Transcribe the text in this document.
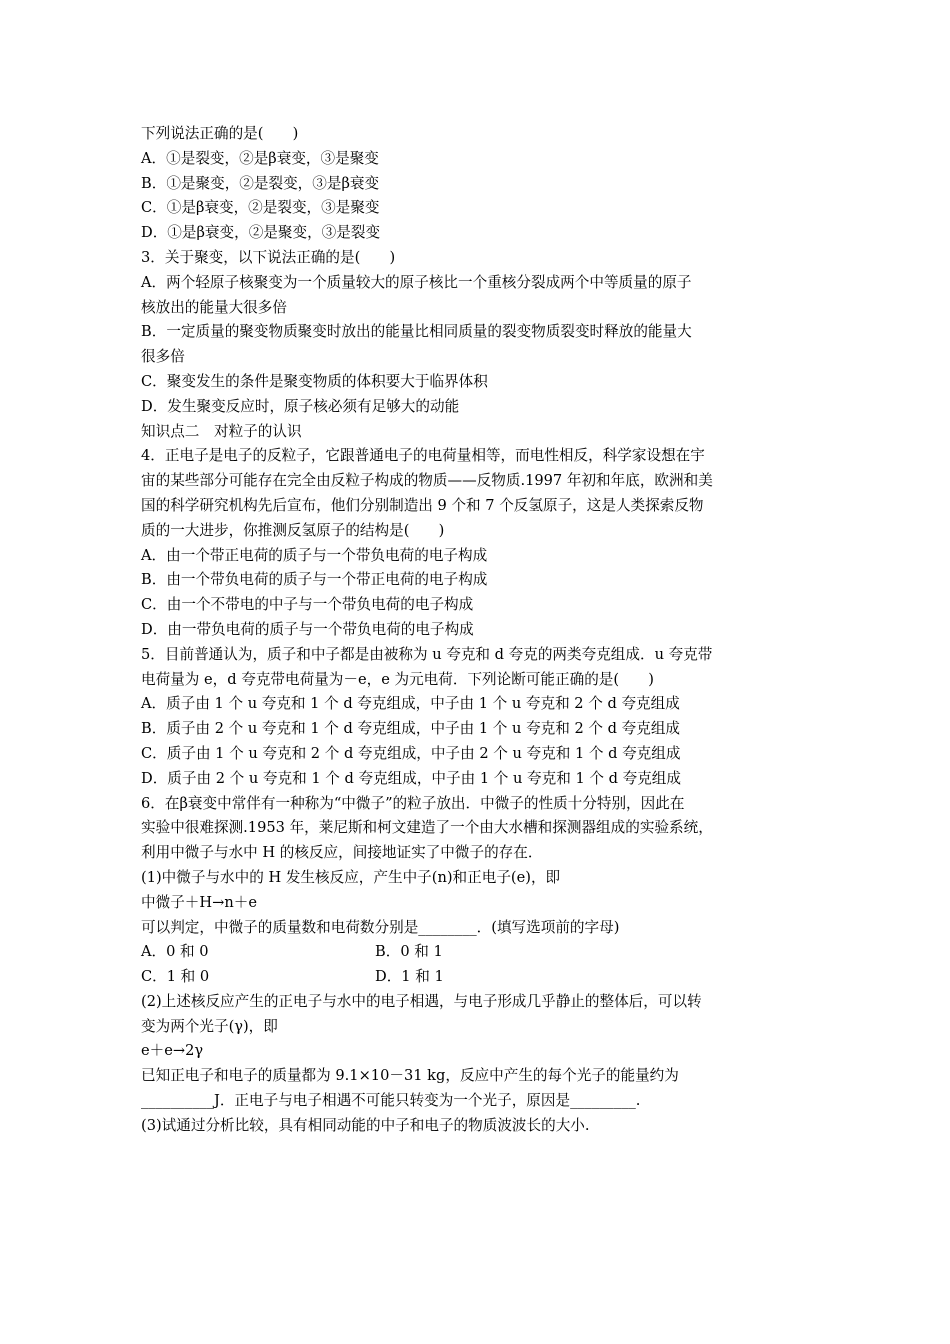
下列说法正确的是(　　)
A．①是裂变，②是β衰变，③是聚变
B．①是聚变，②是裂变，③是β衰变
C．①是β衰变，②是裂变，③是聚变
D．①是β衰变，②是聚变，③是裂变
3．关于聚变，以下说法正确的是(　　)
A．两个轻原子核聚变为一个质量较大的原子核比一个重核分裂成两个中等质量的原子
核放出的能量大很多倍
B．一定质量的聚变物质聚变时放出的能量比相同质量的裂变物质裂变时释放的能量大
很多倍
C．聚变发生的条件是聚变物质的体积要大于临界体积
D．发生聚变反应时，原子核必须有足够大的动能
知识点二　对粒子的认识
4．正电子是电子的反粒子，它跟普通电子的电荷量相等，而电性相反，科学家设想在宇
宙的某些部分可能存在完全由反粒子构成的物质——反物质.1997 年初和年底，欧洲和美
国的科学研究机构先后宣布，他们分别制造出 9 个和 7 个反氢原子，这是人类探索反物
质的一大进步，你推测反氢原子的结构是(　　)
A．由一个带正电荷的质子与一个带负电荷的电子构成
B．由一个带负电荷的质子与一个带正电荷的电子构成
C．由一个不带电的中子与一个带负电荷的电子构成
D．由一带负电荷的质子与一个带负电荷的电子构成
5．目前普通认为，质子和中子都是由被称为 u 夸克和 d 夸克的两类夸克组成．u 夸克带
电荷量为 e，d 夸克带电荷量为－e，e 为元电荷．下列论断可能正确的是(　　)
A．质子由 1 个 u 夸克和 1 个 d 夸克组成，中子由 1 个 u 夸克和 2 个 d 夸克组成
B．质子由 2 个 u 夸克和 1 个 d 夸克组成，中子由 1 个 u 夸克和 2 个 d 夸克组成
C．质子由 1 个 u 夸克和 2 个 d 夸克组成，中子由 2 个 u 夸克和 1 个 d 夸克组成
D．质子由 2 个 u 夸克和 1 个 d 夸克组成，中子由 1 个 u 夸克和 1 个 d 夸克组成
6．在β衰变中常伴有一种称为“中微子”的粒子放出．中微子的性质十分特别，因此在
实验中很难探测.1953 年，莱尼斯和柯文建造了一个由大水槽和探测器组成的实验系统，
利用中微子与水中 H 的核反应，间接地证实了中微子的存在．
(1)中微子与水中的 H 发生核反应，产生中子(n)和正电子(e)，即
中微子＋H→n＋e
可以判定，中微子的质量数和电荷数分别是________．(填写选项前的字母)
A．0 和 0	B．0 和 1
C．1 和 0	D．1 和 1
(2)上述核反应产生的正电子与水中的电子相遇，与电子形成几乎静止的整体后，可以转
变为两个光子(γ)，即
e＋e→2γ
已知正电子和电子的质量都为 9.1×10－31 kg，反应中产生的每个光子的能量约为
__________J．正电子与电子相遇不可能只转变为一个光子，原因是_________.
(3)试通过分析比较，具有相同动能的中子和电子的物质波波长的大小.
